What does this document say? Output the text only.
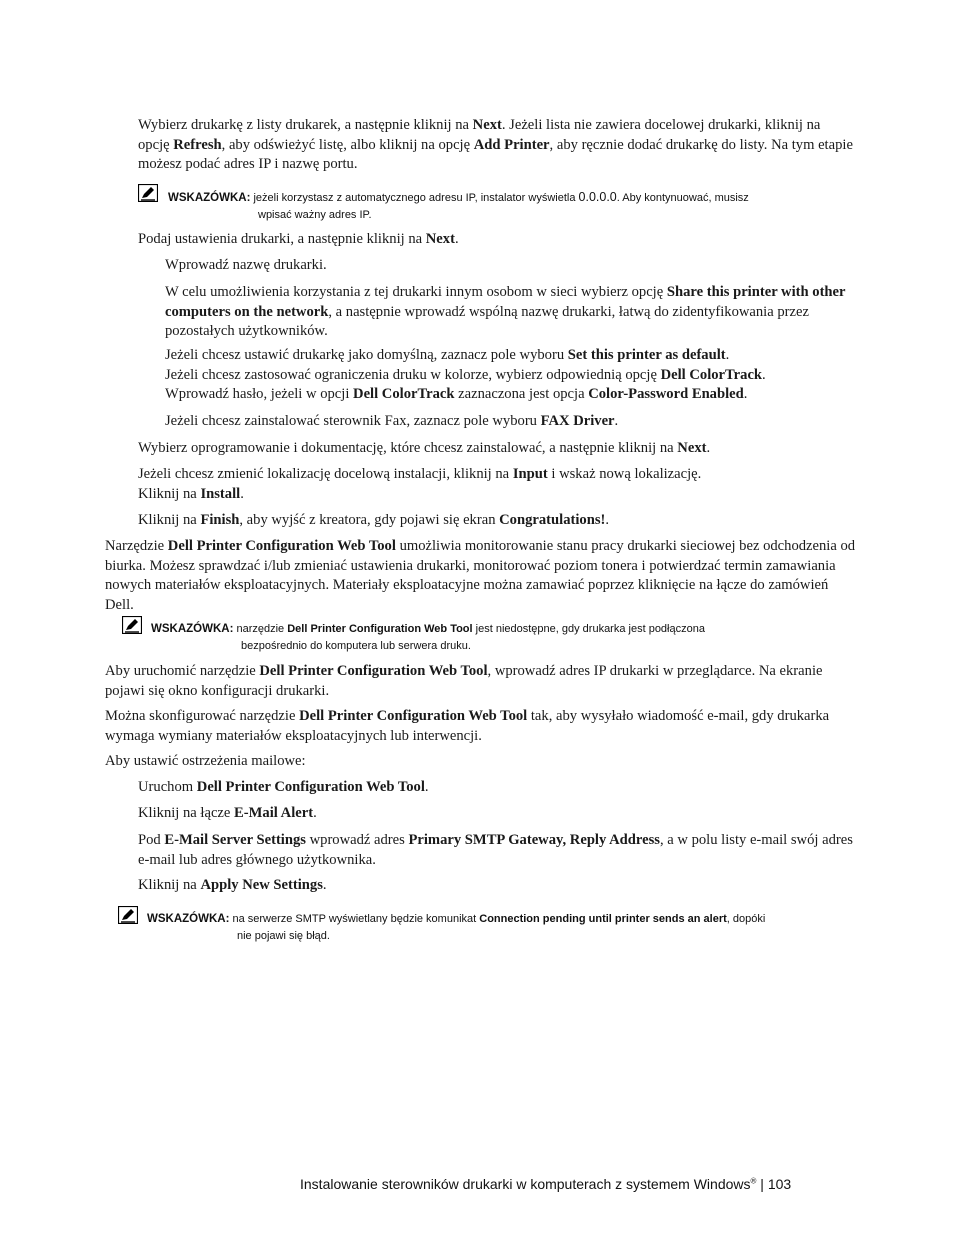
Wybierz drukarkę z listy drukarek, a następnie kliknij na Next. Jeżeli lista nie zawiera docelowej drukarki, kliknij na opcję Refresh, aby odświeżyć listę, albo kliknij na opcję Add Printer, aby ręcznie dodać drukarkę do listy. Na tym etapie możesz podać adres IP i nazwę portu.
WSKAZÓWKA: jeżeli korzystasz z automatycznego adresu IP, instalator wyświetla 0.0.0.0. Aby kontynuować, musisz
wpisać ważny adres IP.
Podaj ustawienia drukarki, a następnie kliknij na Next.
Wprowadź nazwę drukarki.
W celu umożliwienia korzystania z tej drukarki innym osobom w sieci wybierz opcję Share this printer with other computers on the network, a następnie wprowadź wspólną nazwę drukarki, łatwą do zidentyfikowania przez pozostałych użytkowników.
Jeżeli chcesz ustawić drukarkę jako domyślną, zaznacz pole wyboru Set this printer as default.
Jeżeli chcesz zastosować ograniczenia druku w kolorze, wybierz odpowiednią opcję Dell ColorTrack.
Wprowadź hasło, jeżeli w opcji Dell ColorTrack zaznaczona jest opcja Color-Password Enabled.
Jeżeli chcesz zainstalować sterownik Fax, zaznacz pole wyboru FAX Driver.
Wybierz oprogramowanie i dokumentację, które chcesz zainstalować, a następnie kliknij na Next.
Jeżeli chcesz zmienić lokalizację docelową instalacji, kliknij na Input i wskaż nową lokalizację.
Kliknij na Install.
Kliknij na Finish, aby wyjść z kreatora, gdy pojawi się ekran Congratulations!.
Narzędzie Dell Printer Configuration Web Tool umożliwia monitorowanie stanu pracy drukarki sieciowej bez odchodzenia od biurka. Możesz sprawdzać i/lub zmieniać ustawienia drukarki, monitorować poziom tonera i potwierdzać termin zamawiania nowych materiałów eksploatacyjnych. Materiały eksploatacyjne można zamawiać poprzez kliknięcie na łącze do zamówień Dell.
WSKAZÓWKA: narzędzie Dell Printer Configuration Web Tool jest niedostępne, gdy drukarka jest podłączona
bezpośrednio do komputera lub serwera druku.
Aby uruchomić narzędzie Dell Printer Configuration Web Tool, wprowadź adres IP drukarki w przeglądarce. Na ekranie pojawi się okno konfiguracji drukarki.
Można skonfigurować narzędzie Dell Printer Configuration Web Tool tak, aby wysyłało wiadomość e-mail, gdy drukarka wymaga wymiany materiałów eksploatacyjnych lub interwencji.
Aby ustawić ostrzeżenia mailowe:
Uruchom Dell Printer Configuration Web Tool.
Kliknij na łącze E-Mail Alert.
Pod E-Mail Server Settings wprowadź adres Primary SMTP Gateway, Reply Address, a w polu listy e-mail swój adres e-mail lub adres głównego użytkownika.
Kliknij na Apply New Settings.
WSKAZÓWKA: na serwerze SMTP wyświetlany będzie komunikat Connection pending until printer sends an alert, dopóki
nie pojawi się błąd.
Instalowanie sterowników drukarki w komputerach z systemem Windows® | 103
